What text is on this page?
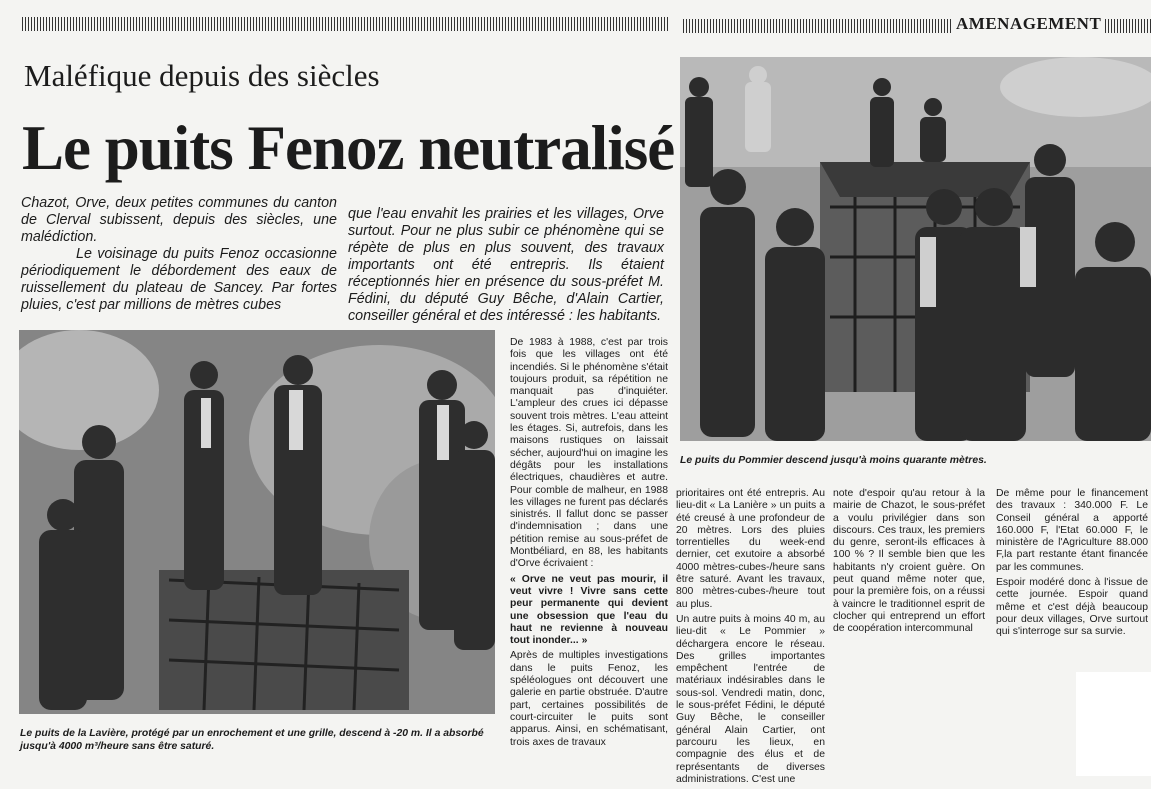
AMENAGEMENT
Maléfique depuis des siècles
Le puits Fenoz neutralisé

Chazot, Orve, deux petites communes du canton de Clerval subissent, depuis des siècles, une malédiction.

Le voisinage du puits Fenoz occasionne périodiquement le débordement des eaux de ruissellement du plateau de Sancey. Par fortes pluies, c'est par millions de mètres cubes

que l'eau envahit les prairies et les villages, Orve surtout. Pour ne plus subir ce phénomène qui se répète de plus en plus souvent, des travaux importants ont été entrepris. Ils étaient réceptionnés hier en présence du sous-préfet M. Fédini, du député Guy Bêche, d'Alain Cartier, conseiller général et des intéressé : les habitants.

Le puits de la Lavière, protégé par un enrochement et une grille, descend à -20 m. Il a absorbé jusqu'à 4000 m³/heure sans être saturé.
Le puits du Pommier descend jusqu'à moins quarante mètres.

De 1983 à 1988, c'est par trois fois que les villages ont été incendiés. Si le phénomène s'était toujours produit, sa répétition ne manquait pas d'inquiéter. L'ampleur des crues ici dépasse souvent trois mètres. L'eau atteint les étages. Si, autrefois, dans les maisons rustiques on laissait sécher, aujourd'hui on imagine les dégâts pour les installations électriques, chaudières et autre. Pour comble de malheur, en 1988 les villages ne furent pas déclarés sinistrés. Il fallut donc se passer d'indemnisation ; dans une pétition remise au sous-préfet de Montbéliard, en 88, les habitants d'Orve écrivaient :

« Orve ne veut pas mourir, il veut vivre ! Vivre sans cette peur permanente qui devient une obsession que l'eau du haut ne revienne à nouveau tout inonder... »

Après de multiples investigations dans le puits Fenoz, les spéléologues ont découvert une galerie en partie obstruée. D'autre part, certaines possibilités de court-circuiter le puits sont apparus. Ainsi, en schématisant, trois axes de travaux

prioritaires ont été entrepris. Au lieu-dit « La Lanière » un puits a été creusé à une profondeur de 20 mètres. Lors des pluies torrentielles du week-end dernier, cet exutoire a absorbé 4000 mètres-cubes-/heure sans être saturé. Avant les travaux, 800 mètres-cubes-/heure tout au plus.

Un autre puits à moins 40 m, au lieu-dit « Le Pommier » déchargera encore le réseau. Des grilles importantes empêchent l'entrée de matériaux indésirables dans le sous-sol. Vendredi matin, donc, le sous-préfet Fédini, le député Guy Bêche, le conseiller général Alain Cartier, ont parcouru les lieux, en compagnie des élus et de représentants de diverses administrations. C'est une

note d'espoir qu'au retour à la mairie de Chazot, le sous-préfet a voulu privilégier dans son discours. Ces traux, les premiers du genre, seront-ils efficaces à 100 % ? Il semble bien que les habitants n'y croient guère. On peut quand même noter que, pour la première fois, on a réussi à vaincre le traditionnel esprit de clocher qui entreprend un effort de coopération intercommunal

De même pour le financement des travaux : 340.000 F. Le Conseil général a apporté 160.000 F, l'Etat 60.000 F, le ministère de l'Agriculture 88.000 F,la part restante étant financée par les communes.

Espoir modéré donc à l'issue de cette journée. Espoir quand même et c'est déjà beaucoup pour deux villages, Orve surtout qui s'interroge sur sa survie.
